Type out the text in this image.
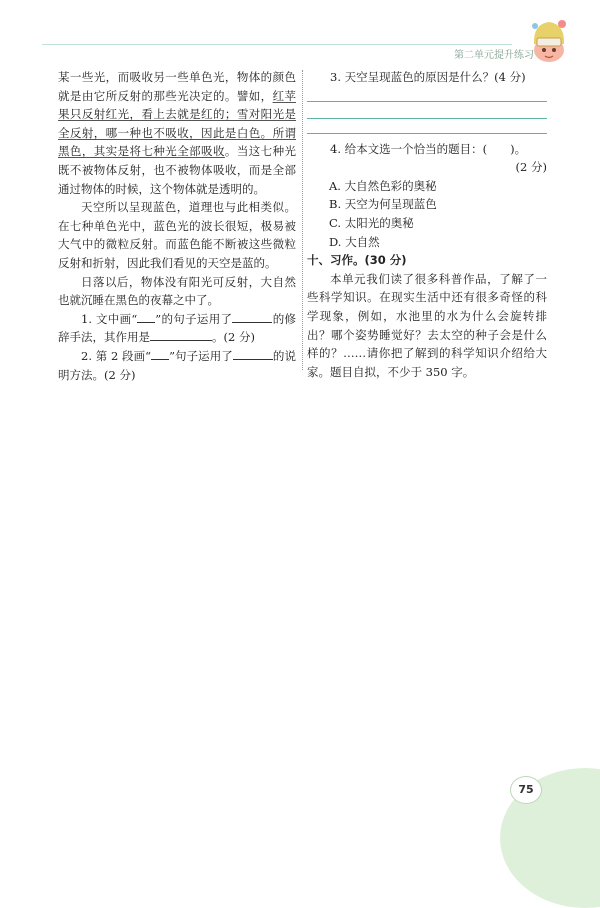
第二单元提升练习

某一些光，而吸收另一些单色光，物体的颜色就是由它所反射的那些光决定的。譬如，红苹果只反射红光，看上去就是红的；雪对阳光是全反射，哪一种也不吸收，因此是白色。所谓黑色，其实是将七种光全部吸收。当这七种光既不被物体反射，也不被物体吸收，而是全部通过物体的时候，这个物体就是透明的。

天空所以呈现蓝色，道理也与此相类似。在七种单色光中，蓝色光的波长很短，极易被大气中的微粒反射。而蓝色能不断被这些微粒反射和折射，因此我们看见的天空是蓝的。

日落以后，物体没有阳光可反射，大自然也就沉睡在黑色的夜幕之中了。

1. 文中画“ ”的句子运用了	的修辞手法，其作用是	。(2 分)

2. 第 2 段画“ ”句子运用了	的说明方法。(2 分)

3. 天空呈现蓝色的原因是什么？(4 分)

4. 给本文选一个恰当的题目：(　　)。

(2 分)

A. 大自然色彩的奥秘

B. 天空为何呈现蓝色

C. 太阳光的奥秘

D. 大自然

十、习作。(30 分)

本单元我们读了很多科普作品，了解了一些科学知识。在现实生活中还有很多奇怪的科学现象，例如，水池里的水为什么会旋转排出？哪个姿势睡觉好？去太空的种子会是什么样的？……请你把了解到的科学知识介绍给大家。题目自拟，不少于 350 字。

75
